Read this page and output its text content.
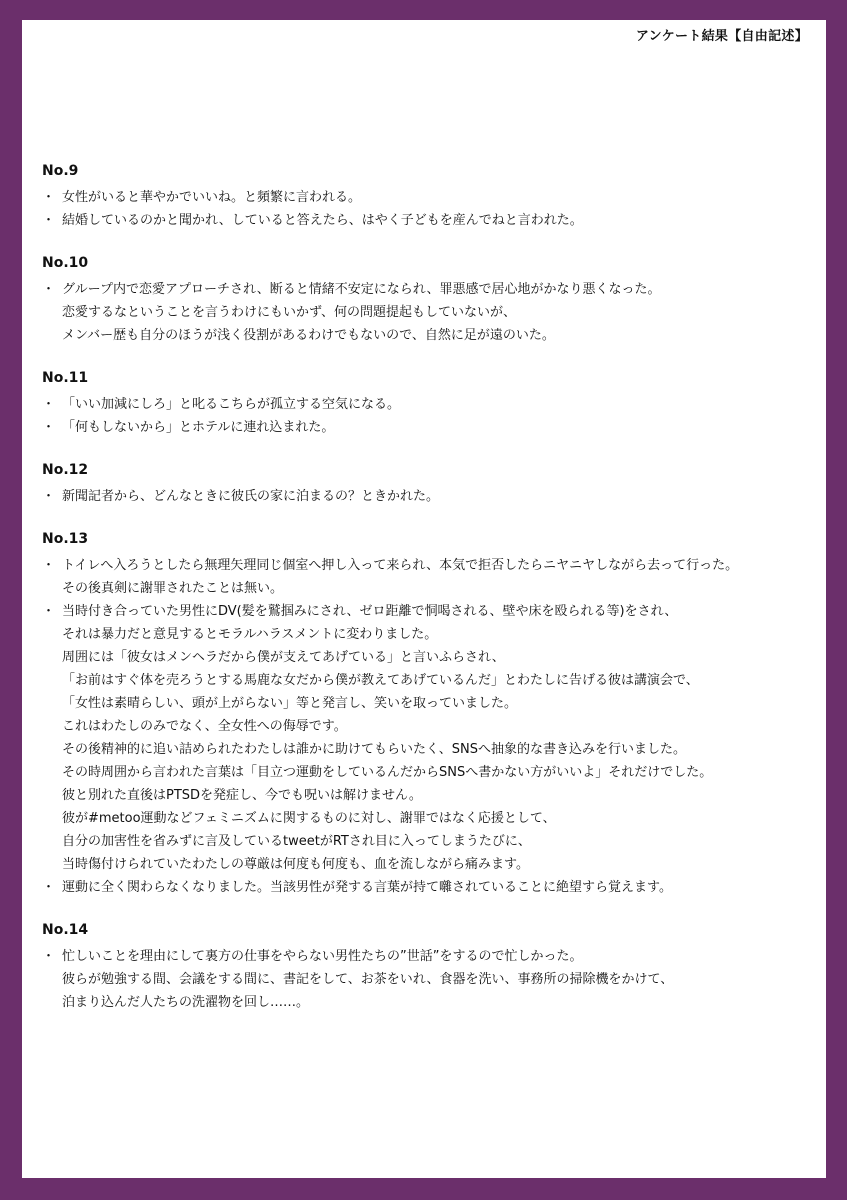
アンケート結果【自由記述】
No.9
・ 女性がいると華やかでいいね。と頻繁に言われる。
・ 結婚しているのかと聞かれ、していると答えたら、はやく子どもを産んでねと言われた。
No.10
・ グループ内で恋愛アプローチされ、断ると情緒不安定になられ、罪悪感で居心地がかなり悪くなった。
恋愛するなということを言うわけにもいかず、何の問題提起もしていないが、
メンバー歴も自分のほうが浅く役割があるわけでもないので、自然に足が遠のいた。
No.11
・ 「いい加減にしろ」と叱るこちらが孤立する空気になる。
・ 「何もしないから」とホテルに連れ込まれた。
No.12
・ 新聞記者から、どんなときに彼氏の家に泊まるの？ときかれた。
No.13
・ トイレへ入ろうとしたら無理矢理同じ個室へ押し入って来られ、本気で拒否したらニヤニヤしながら去って行った。
その後真剣に謝罪されたことは無い。
・ 当時付き合っていた男性にDV(髪を鷲掴みにされ、ゼロ距離で恫喝される、壁や床を殴られる等)をされ、
それは暴力だと意見するとモラルハラスメントに変わりました。
周囲には「彼女はメンヘラだから僕が支えてあげている」と言いふらされ、
「お前はすぐ体を売ろうとする馬鹿な女だから僕が教えてあげているんだ」とわたしに告げる彼は講演会で、
「女性は素晴らしい、頭が上がらない」等と発言し、笑いを取っていました。
これはわたしのみでなく、全女性への侮辱です。
その後精神的に追い詰められたわたしは誰かに助けてもらいたく、SNSへ抽象的な書き込みを行いました。
その時周囲から言われた言葉は「目立つ運動をしているんだからSNSへ書かない方がいいよ」それだけでした。
彼と別れた直後はPTSDを発症し、今でも呪いは解けません。
彼が#metoo運動などフェミニズムに関するものに対し、謝罪ではなく応援として、
自分の加害性を省みずに言及しているtweetがRTされ目に入ってしまうたびに、
当時傷付けられていたわたしの尊厳は何度も何度も、血を流しながら痛みます。
・ 運動に全く関わらなくなりました。当該男性が発する言葉が持て囃されていることに絶望すら覚えます。
No.14
・ 忙しいことを理由にして裏方の仕事をやらない男性たちの”世話”をするので忙しかった。
彼らが勉強する間、会議をする間に、書記をして、お茶をいれ、食器を洗い、事務所の掃除機をかけて、
泊まり込んだ人たちの洗濯物を回し……。
